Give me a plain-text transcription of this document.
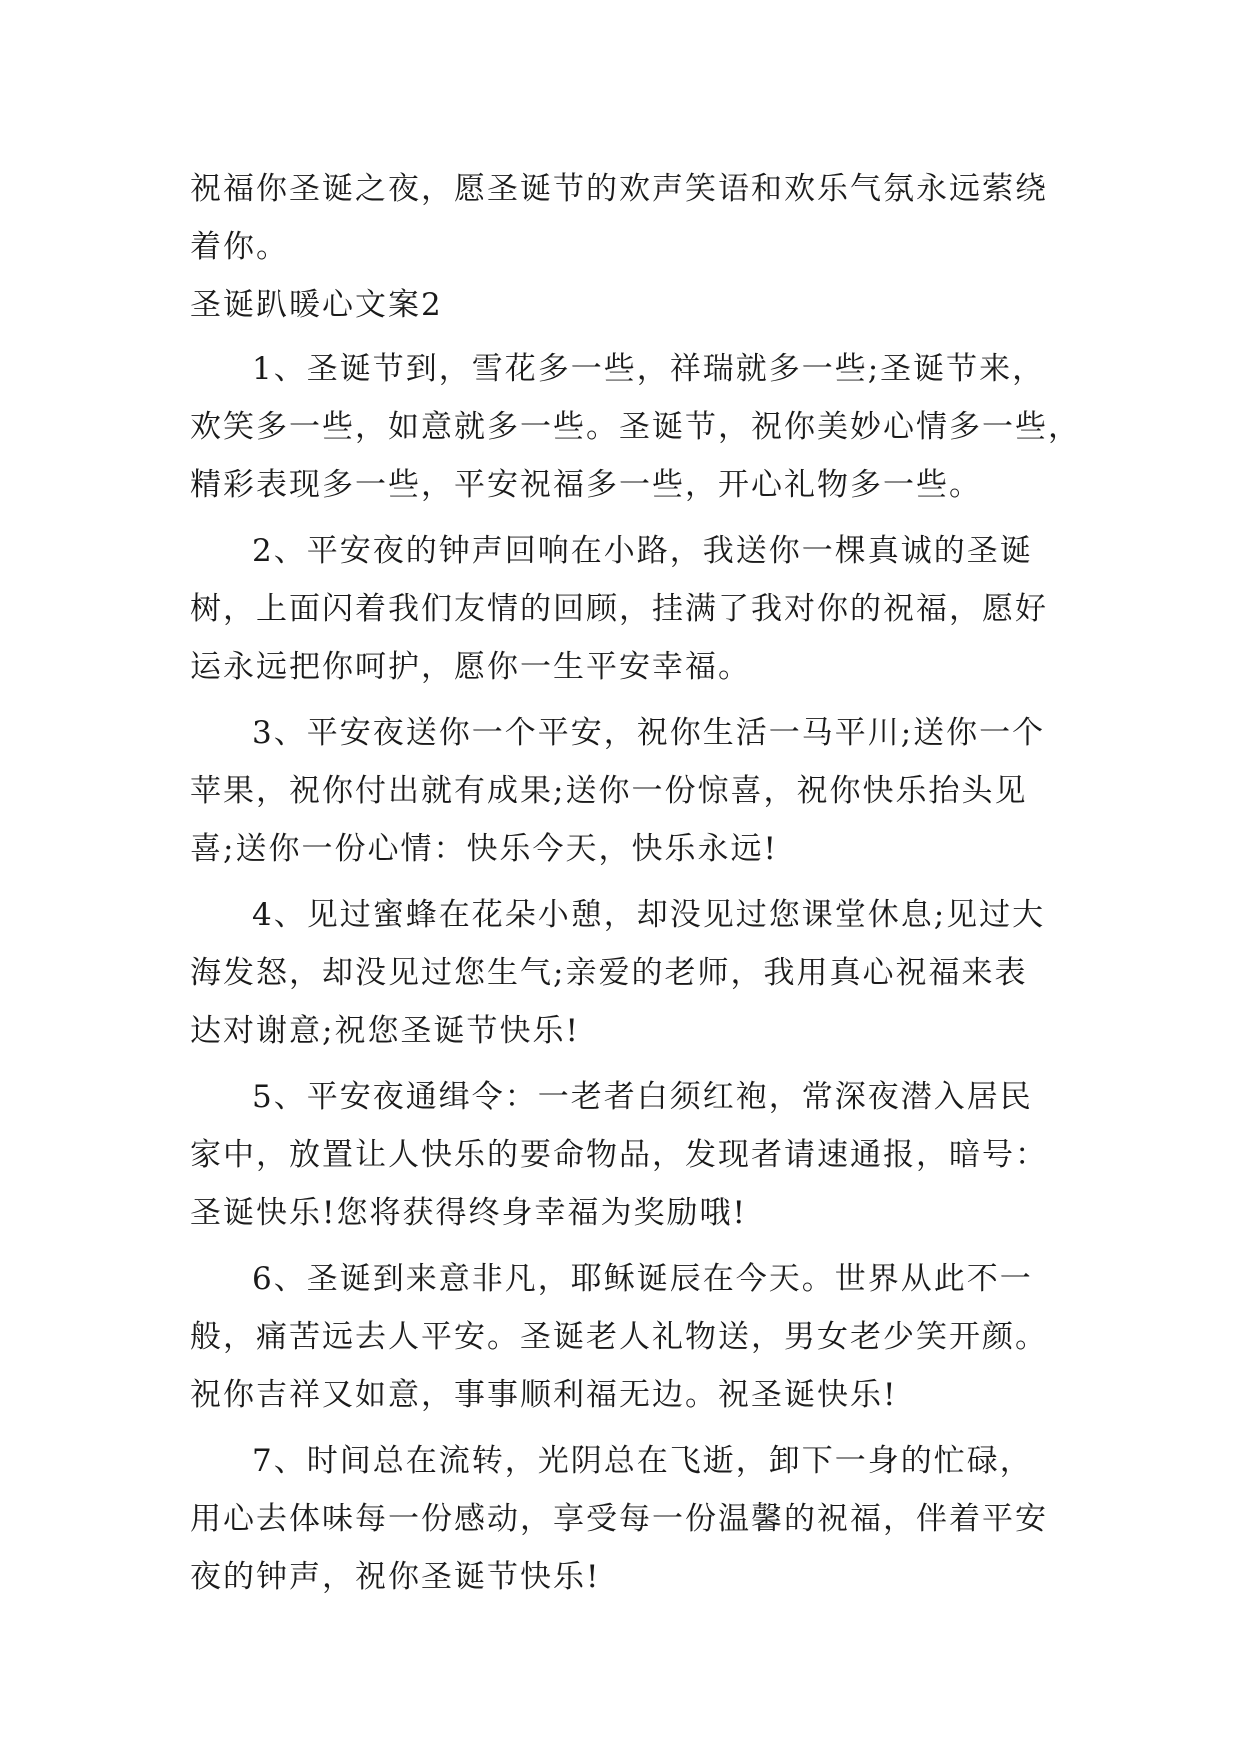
祝福你圣诞之夜，愿圣诞节的欢声笑语和欢乐气氛永远萦绕

着你。

圣诞趴暖心文案2

1、圣诞节到，雪花多一些，祥瑞就多一些;圣诞节来，
欢笑多一些，如意就多一些。圣诞节，祝你美妙心情多一些，
精彩表现多一些，平安祝福多一些，开心礼物多一些。
2、平安夜的钟声回响在小路，我送你一棵真诚的圣诞
树，上面闪着我们友情的回顾，挂满了我对你的祝福，愿好
运永远把你呵护，愿你一生平安幸福。
3、平安夜送你一个平安，祝你生活一马平川;送你一个
苹果，祝你付出就有成果;送你一份惊喜，祝你快乐抬头见
喜;送你一份心情：快乐今天，快乐永远!
4、见过蜜蜂在花朵小憩，却没见过您课堂休息;见过大
海发怒，却没见过您生气;亲爱的老师，我用真心祝福来表
达对谢意;祝您圣诞节快乐!
5、平安夜通缉令：一老者白须红袍，常深夜潜入居民
家中，放置让人快乐的要命物品，发现者请速通报，暗号：
圣诞快乐!您将获得终身幸福为奖励哦!
6、圣诞到来意非凡，耶稣诞辰在今天。世界从此不一
般，痛苦远去人平安。圣诞老人礼物送，男女老少笑开颜。
祝你吉祥又如意，事事顺利福无边。祝圣诞快乐!
7、时间总在流转，光阴总在飞逝，卸下一身的忙碌，
用心去体味每一份感动，享受每一份温馨的祝福，伴着平安
夜的钟声，祝你圣诞节快乐!
